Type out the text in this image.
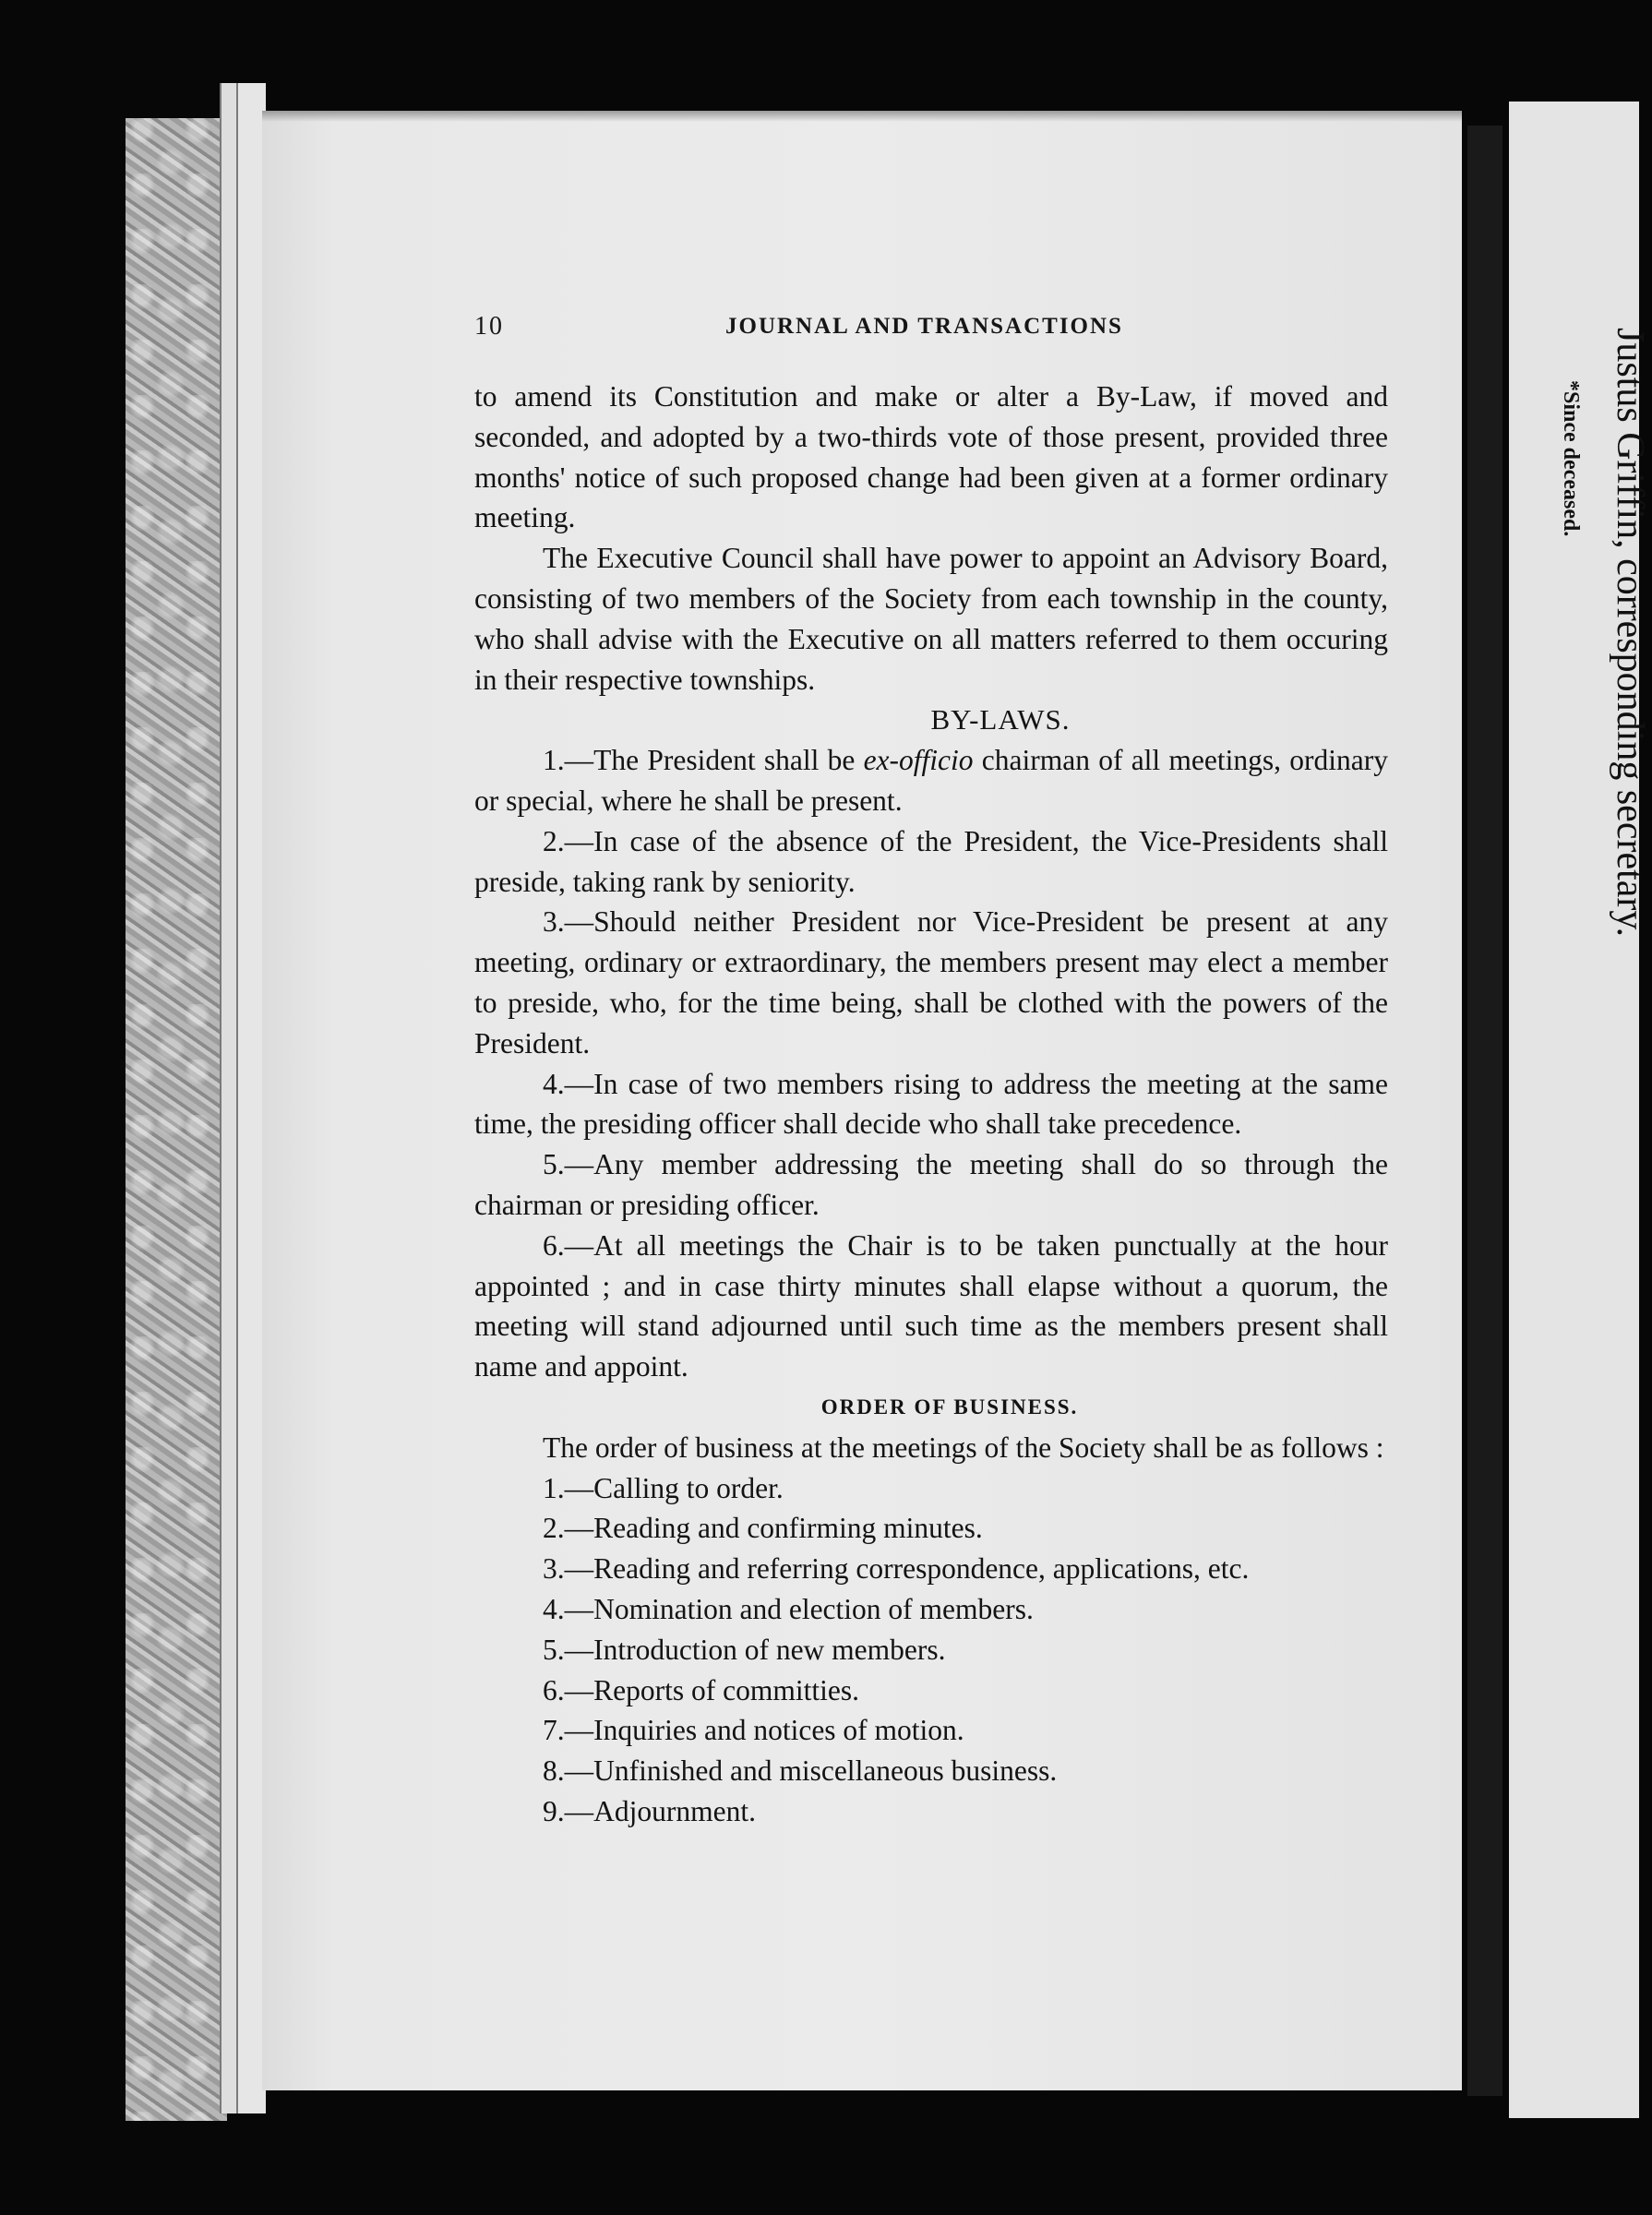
Justus Griffin, corresponding secretary.
*Since deceased.
10	JOURNAL AND TRANSACTIONS

to amend its Constitution and make or alter a By-Law, if moved and seconded, and adopted by a two-thirds vote of those present, provided three months' notice of such proposed change had been given at a former ordinary meeting.

The Executive Council shall have power to appoint an Advisory Board, consisting of two members of the Society from each township in the county, who shall advise with the Executive on all matters referred to them occuring in their respective townships.

BY-LAWS.

1.—The President shall be ex-officio chairman of all meetings, ordinary or special, where he shall be present.

2.—In case of the absence of the President, the Vice-Presidents shall preside, taking rank by seniority.

3.—Should neither President nor Vice-President be present at any meeting, ordinary or extraordinary, the members present may elect a member to preside, who, for the time being, shall be clothed with the powers of the President.

4.—In case of two members rising to address the meeting at the same time, the presiding officer shall decide who shall take precedence.

5.—Any member addressing the meeting shall do so through the chairman or presiding officer.

6.—At all meetings the Chair is to be taken punctually at the hour appointed ; and in case thirty minutes shall elapse without a quorum, the meeting will stand adjourned until such time as the members present shall name and appoint.

ORDER OF BUSINESS.

The order of business at the meetings of the Society shall be as follows :

1.—Calling to order.

2.—Reading and confirming minutes.

3.—Reading and referring correspondence, applications, etc.

4.—Nomination and election of members.

5.—Introduction of new members.

6.—Reports of committies.

7.—Inquiries and notices of motion.

8.—Unfinished and miscellaneous business.

9.—Adjournment.
